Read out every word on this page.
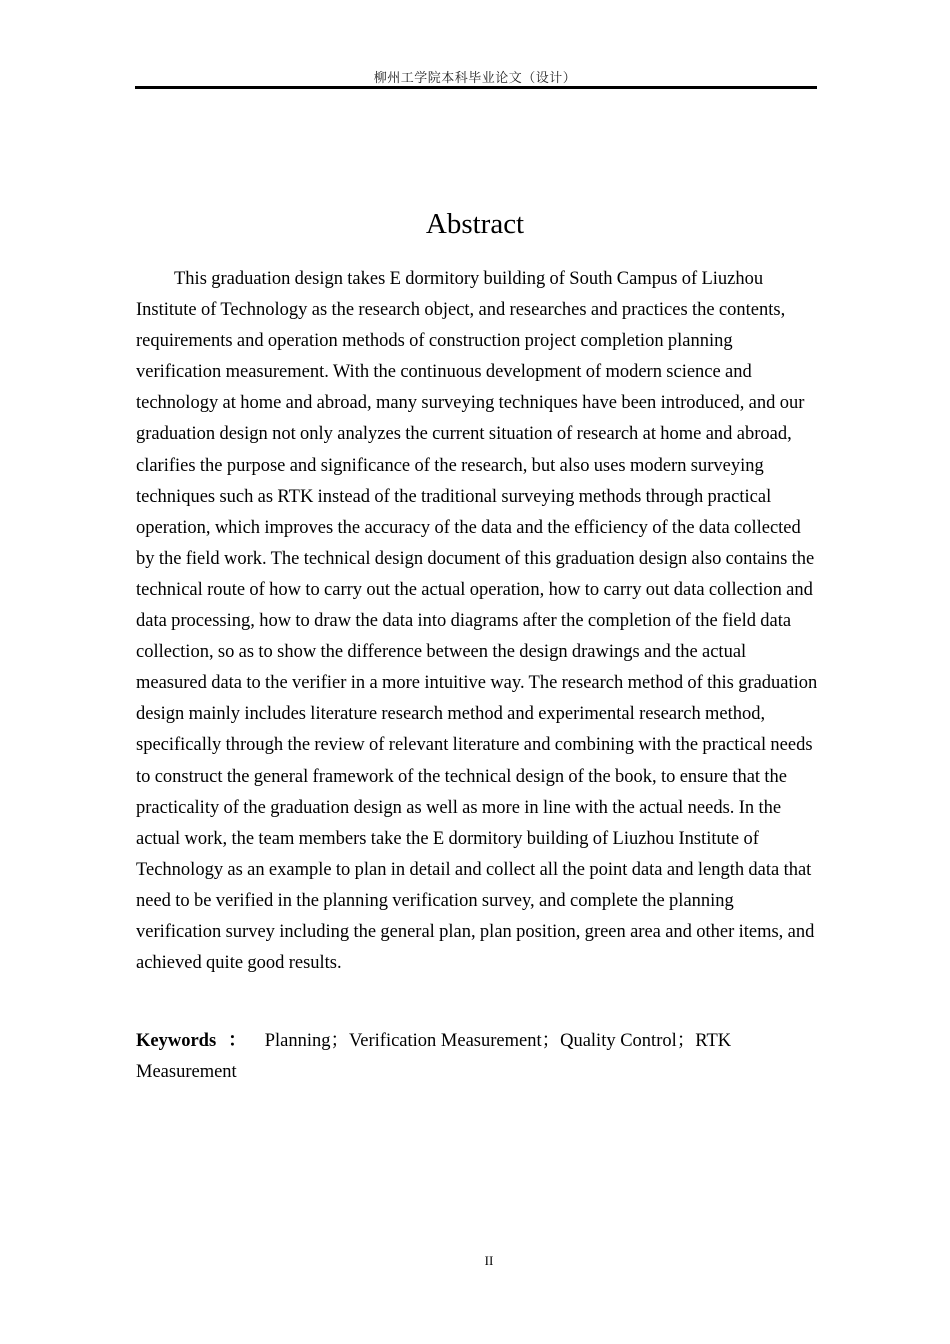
柳州工学院本科毕业论文（设计）
Abstract

This graduation design takes E dormitory building of South Campus of Liuzhou Institute of Technology as the research object, and researches and practices the contents, requirements and operation methods of construction project completion planning verification measurement. With the continuous development of modern science and technology at home and abroad, many surveying techniques have been introduced, and our graduation design not only analyzes the current situation of research at home and abroad, clarifies the purpose and significance of the research, but also uses modern surveying techniques such as RTK instead of the traditional surveying methods through practical operation, which improves the accuracy of the data and the efficiency of the data collected by the field work. The technical design document of this graduation design also contains the technical route of how to carry out the actual operation, how to carry out data collection and data processing, how to draw the data into diagrams after the completion of the field data collection, so as to show the difference between the design drawings and the actual measured data to the verifier in a more intuitive way. The research method of this graduation design mainly includes literature research method and experimental research method, specifically through the review of relevant literature and combining with the practical needs to construct the general framework of the technical design of the book, to ensure that the practicality of the graduation design as well as more in line with the actual needs. In the actual work, the team members take the E dormitory building of Liuzhou Institute of Technology as an example to plan in detail and collect all the point data and length data that need to be verified in the planning verification survey, and complete the planning verification survey including the general plan, plan position, green area and other items, and achieved quite good results.

Keywords ： Planning；Verification Measurement；Quality Control；RTK Measurement

II
